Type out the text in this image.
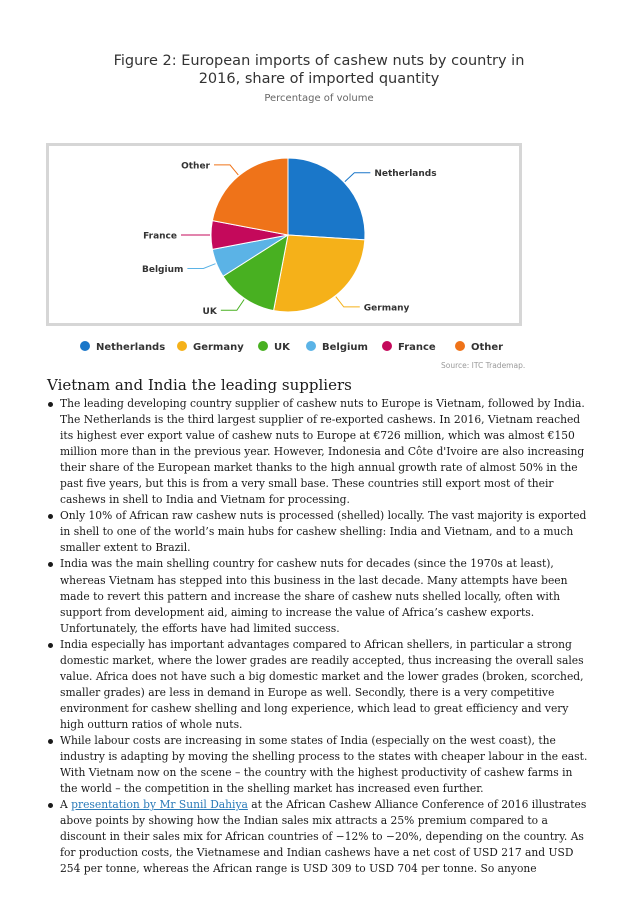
Figure 2: European imports of cashew nuts by country in
2016, share of imported quantity
Percentage of volume
Netherlands
Germany
UK
Belgium
France
Other
Netherlands	Germany	UK	Belgium	France	Other
Source: ITC Trademap.
Vietnam and India the leading suppliers
The leading developing country supplier of cashew nuts to Europe is Vietnam, followed by India.
The Netherlands is the third largest supplier of re-exported cashews. In 2016, Vietnam reached
its highest ever export value of cashew nuts to Europe at €726 million, which was almost €150
million more than in the previous year. However, Indonesia and Côte d'Ivoire are also increasing
their share of the European market thanks to the high annual growth rate of almost 50% in the
past five years, but this is from a very small base. These countries still export most of their
cashews in shell to India and Vietnam for processing.
Only 10% of African raw cashew nuts is processed (shelled) locally. The vast majority is exported
in shell to one of the world’s main hubs for cashew shelling: India and Vietnam, and to a much
smaller extent to Brazil.
India was the main shelling country for cashew nuts for decades (since the 1970s at least),
whereas Vietnam has stepped into this business in the last decade. Many attempts have been
made to revert this pattern and increase the share of cashew nuts shelled locally, often with
support from development aid, aiming to increase the value of Africa’s cashew exports.
Unfortunately, the efforts have had limited success.
India especially has important advantages compared to African shellers, in particular a strong
domestic market, where the lower grades are readily accepted, thus increasing the overall sales
value. Africa does not have such a big domestic market and the lower grades (broken, scorched,
smaller grades) are less in demand in Europe as well. Secondly, there is a very competitive
environment for cashew shelling and long experience, which lead to great efficiency and very
high outturn ratios of whole nuts.
While labour costs are increasing in some states of India (especially on the west coast), the
industry is adapting by moving the shelling process to the states with cheaper labour in the east.
With Vietnam now on the scene – the country with the highest productivity of cashew farms in
the world – the competition in the shelling market has increased even further.
A presentation by Mr Sunil Dahiya at the African Cashew Alliance Conference of 2016 illustrates
above points by showing how the Indian sales mix attracts a 25% premium compared to a
discount in their sales mix for African countries of −12% to −20%, depending on the country. As
for production costs, the Vietnamese and Indian cashews have a net cost of USD 217 and USD
254 per tonne, whereas the African range is USD 309 to USD 704 per tonne. So anyone
